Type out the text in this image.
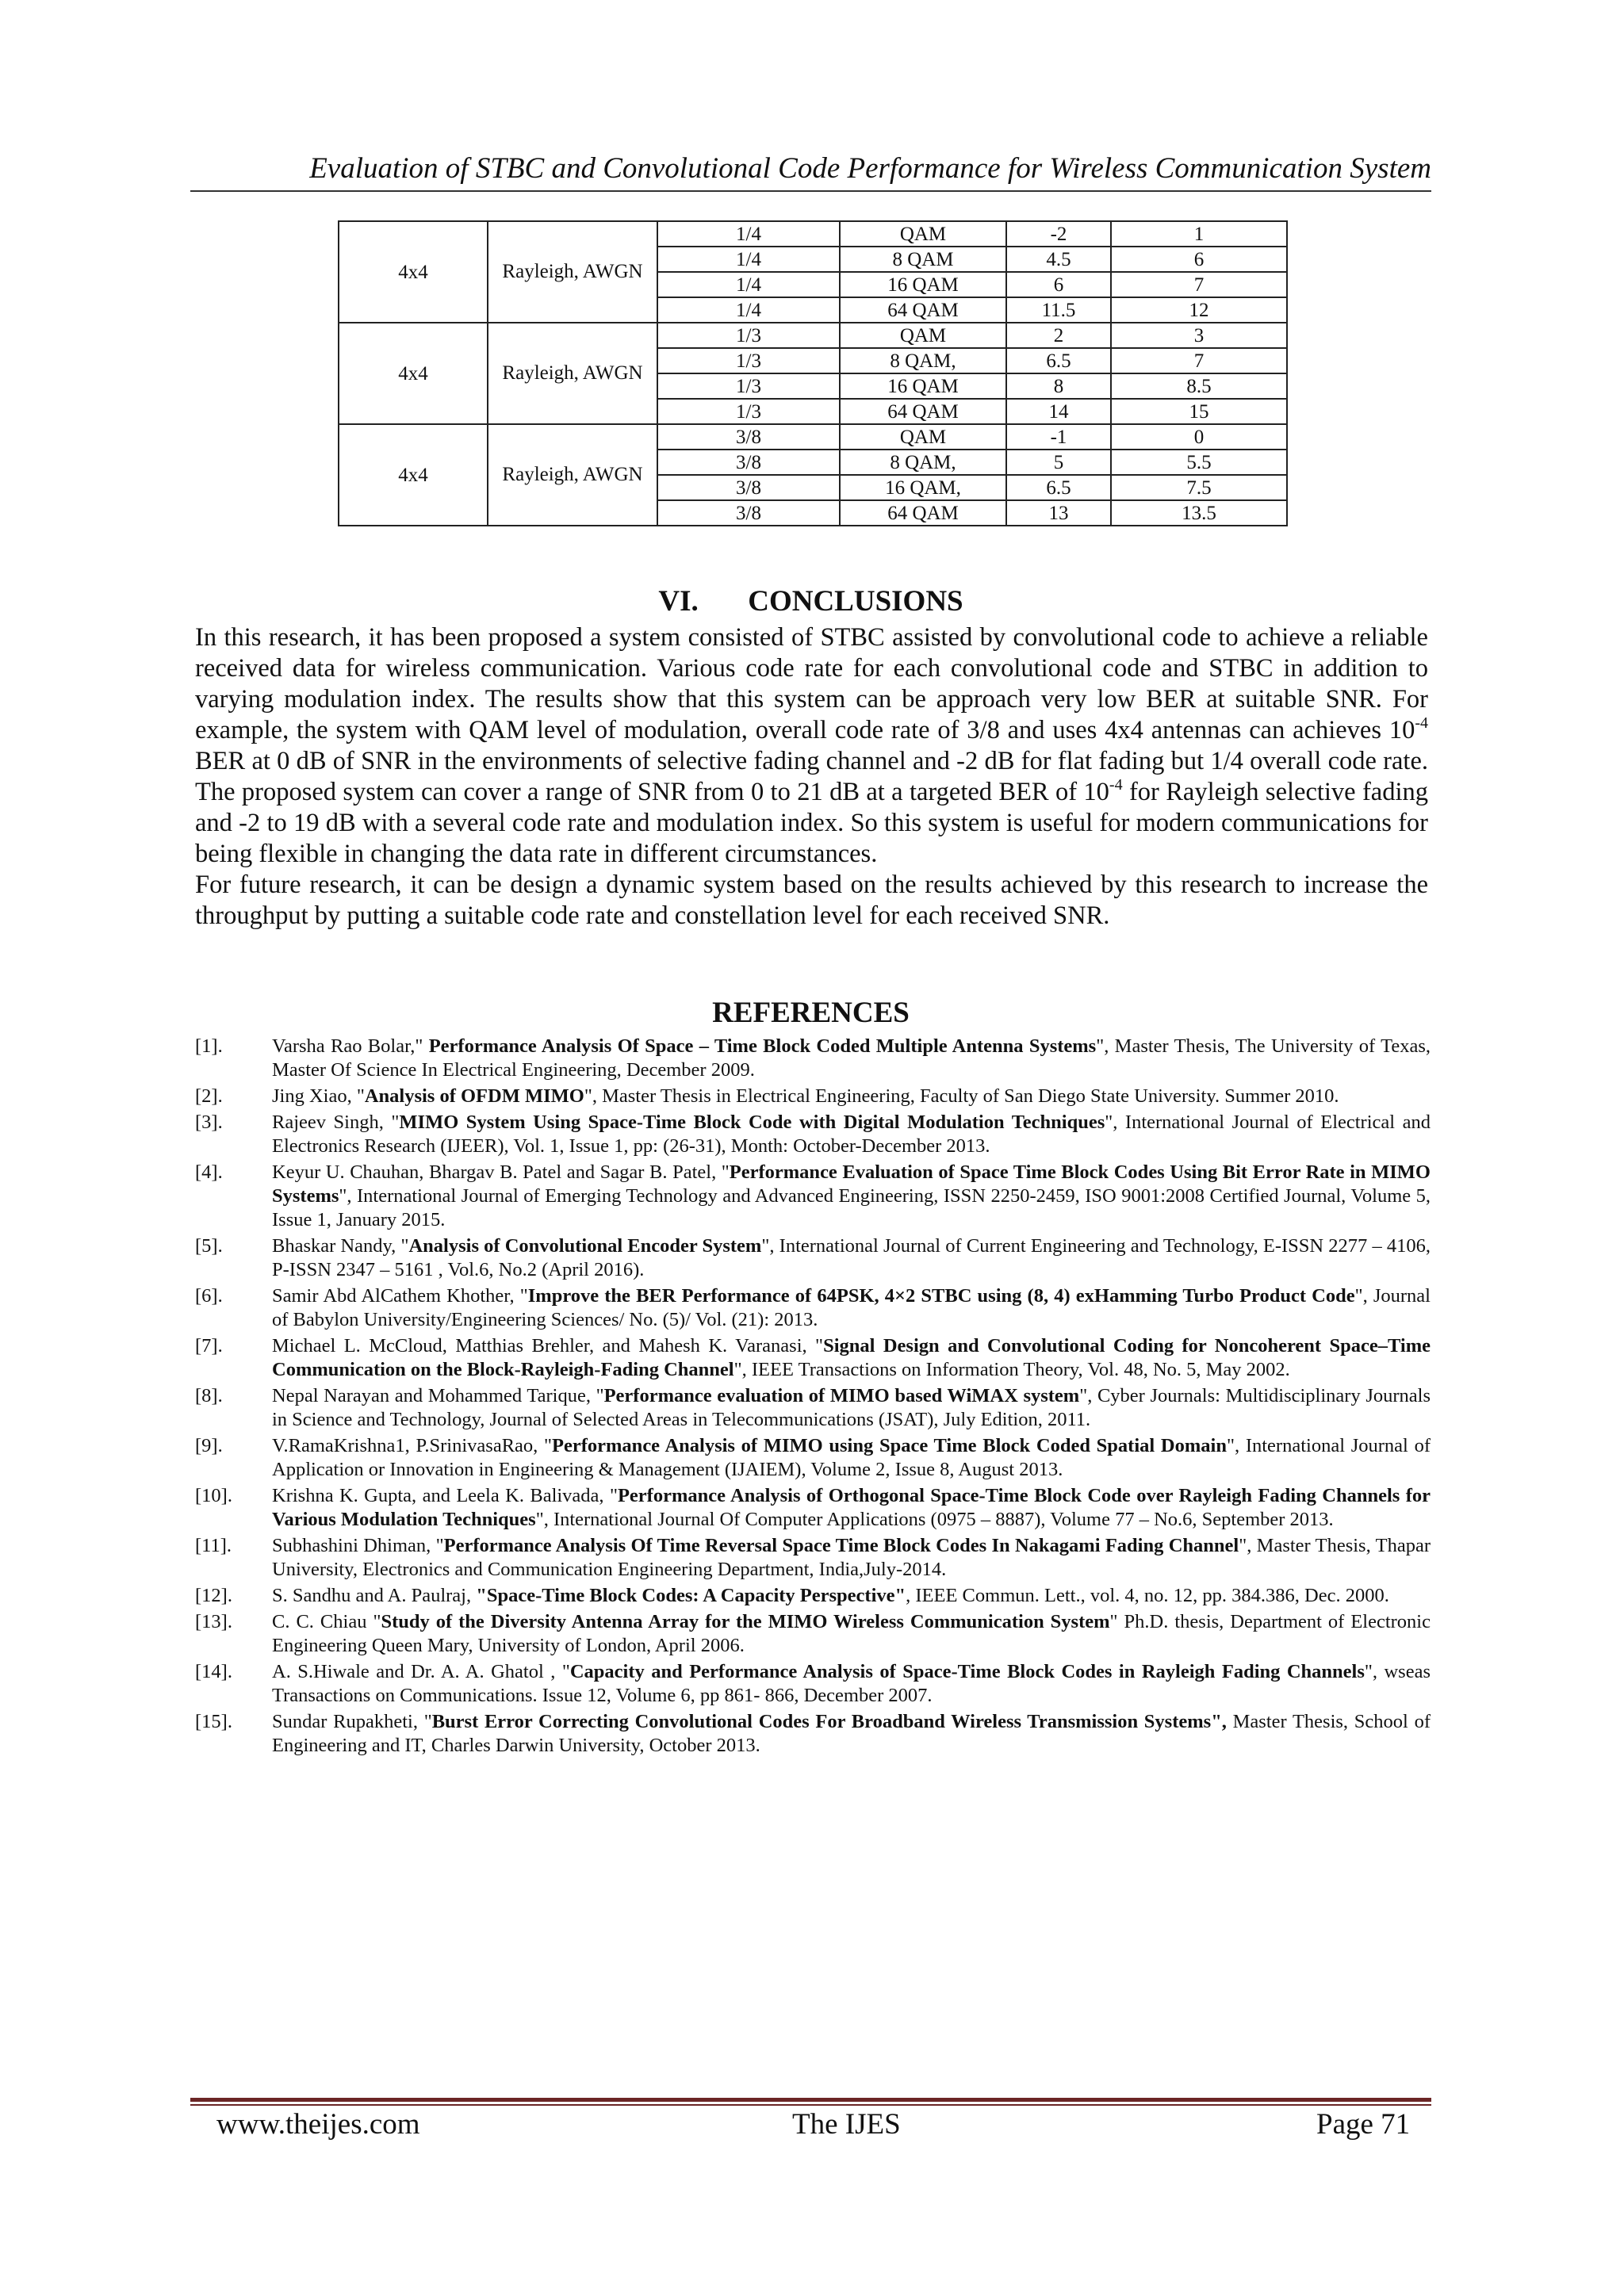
Evaluation of STBC and Convolutional Code Performance for Wireless Communication System
4x4	Rayleigh, AWGN	1/4	QAM	-2	1
		1/4	8 QAM	4.5	6
		1/4	16 QAM	6	7
		1/4	64 QAM	11.5	12
4x4	Rayleigh, AWGN	1/3	QAM	2	3
		1/3	8 QAM,	6.5	7
		1/3	16 QAM	8	8.5
		1/3	64 QAM	14	15
4x4	Rayleigh, AWGN	3/8	QAM	-1	0
		3/8	8 QAM,	5	5.5
		3/8	16 QAM,	6.5	7.5
		3/8	64 QAM	13	13.5
VI. CONCLUSIONS

In this research, it has been proposed a system consisted of STBC assisted by convolutional code to achieve a reliable received data for wireless communication. Various code rate for each convolutional code and STBC in addition to varying modulation index. The results show that this system can be approach very low BER at suitable SNR. For example, the system with QAM level of modulation, overall code rate of 3/8 and uses 4x4 antennas can achieves $10^{-4}$ BER at 0 dB of SNR in the environments of selective fading channel and -2 dB for flat fading but 1/4 overall code rate. The proposed system can cover a range of SNR from 0 to 21 dB at a targeted BER of $10^{-4}$ for Rayleigh selective fading and -2 to 19 dB with a several code rate and modulation index. So this system is useful for modern communications for being flexible in changing the data rate in different circumstances.

For future research, it can be design a dynamic system based on the results achieved by this research to increase the throughput by putting a suitable code rate and constellation level for each received SNR.

REFERENCES
[1].	Varsha Rao Bolar," Performance Analysis Of Space – Time Block Coded Multiple Antenna Systems", Master Thesis, The University of Texas, Master Of Science In Electrical Engineering, December 2009.
[2].	Jing Xiao, "Analysis of OFDM MIMO", Master Thesis in Electrical Engineering, Faculty of San Diego State University. Summer 2010.
[3].	Rajeev Singh, "MIMO System Using Space-Time Block Code with Digital Modulation Techniques", International Journal of Electrical and Electronics Research (IJEER), Vol. 1, Issue 1, pp: (26-31), Month: October-December 2013.
[4].	Keyur U. Chauhan, Bhargav B. Patel and Sagar B. Patel, "Performance Evaluation of Space Time Block Codes Using Bit Error Rate in MIMO Systems", International Journal of Emerging Technology and Advanced Engineering, ISSN 2250-2459, ISO 9001:2008 Certified Journal, Volume 5, Issue 1, January 2015.
[5].	Bhaskar Nandy, "Analysis of Convolutional Encoder System", International Journal of Current Engineering and Technology, E-ISSN 2277 – 4106, P-ISSN 2347 – 5161 , Vol.6, No.2 (April 2016).
[6].	Samir Abd AlCathem Khother, "Improve the BER Performance of 64PSK, 4×2 STBC using (8, 4) exHamming Turbo Product Code", Journal of Babylon University/Engineering Sciences/ No. (5)/ Vol. (21): 2013.
[7].	Michael L. McCloud, Matthias Brehler, and Mahesh K. Varanasi, "Signal Design and Convolutional Coding for Noncoherent Space–Time Communication on the Block-Rayleigh-Fading Channel", IEEE Transactions on Information Theory, Vol. 48, No. 5, May 2002.
[8].	Nepal Narayan and Mohammed Tarique, "Performance evaluation of MIMO based WiMAX system", Cyber Journals: Multidisciplinary Journals in Science and Technology, Journal of Selected Areas in Telecommunications (JSAT), July Edition, 2011.
[9].	V.RamaKrishna1, P.SrinivasaRao, "Performance Analysis of MIMO using Space Time Block Coded Spatial Domain", International Journal of Application or Innovation in Engineering & Management (IJAIEM), Volume 2, Issue 8, August 2013.
[10].	Krishna K. Gupta, and Leela K. Balivada, "Performance Analysis of Orthogonal Space-Time Block Code over Rayleigh Fading Channels for Various Modulation Techniques", International Journal Of Computer Applications (0975 – 8887), Volume 77 – No.6, September 2013.
[11].	Subhashini Dhiman, "Performance Analysis Of Time Reversal Space Time Block Codes In Nakagami Fading Channel", Master Thesis, Thapar University, Electronics and Communication Engineering Department, India,July-2014.
[12].	S. Sandhu and A. Paulraj, "Space-Time Block Codes: A Capacity Perspective", IEEE Commun. Lett., vol. 4, no. 12, pp. 384.386, Dec. 2000.
[13].	C. C. Chiau "Study of the Diversity Antenna Array for the MIMO Wireless Communication System" Ph.D. thesis, Department of Electronic Engineering Queen Mary, University of London, April 2006.
[14].	A. S.Hiwale and Dr. A. A. Ghatol , "Capacity and Performance Analysis of Space-Time Block Codes in Rayleigh Fading Channels", wseas Transactions on Communications. Issue 12, Volume 6, pp 861- 866, December 2007.
[15].	Sundar Rupakheti, "Burst Error Correcting Convolutional Codes For Broadband Wireless Transmission Systems", Master Thesis, School of Engineering and IT, Charles Darwin University, October 2013.
www.theijes.com	The IJES	Page 71
